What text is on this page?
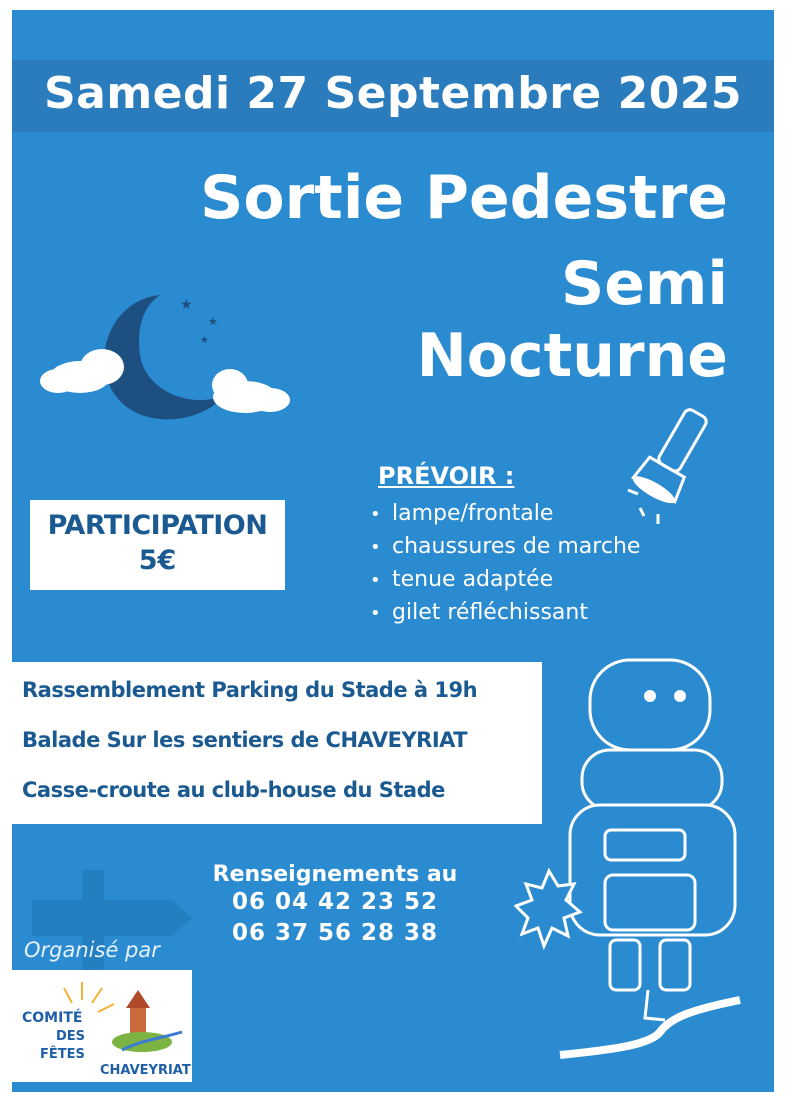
Samedi 27 Septembre 2025
Sortie Pedestre
Semi
Nocturne
★
★
★
PARTICIPATION
5€
PRÉVOIR :
• lampe/frontale
• chaussures de marche
• tenue adaptée
• gilet réfléchissant
Rassemblement Parking du Stade à 19h
Balade Sur les sentiers de CHAVEYRIAT
Casse-croute au club-house du Stade
Renseignements au
06 04 42 23 52
06 37 56 28 38
Organisé par
COMITÉ
DES
FÊTES
CHAVEYRIAT
